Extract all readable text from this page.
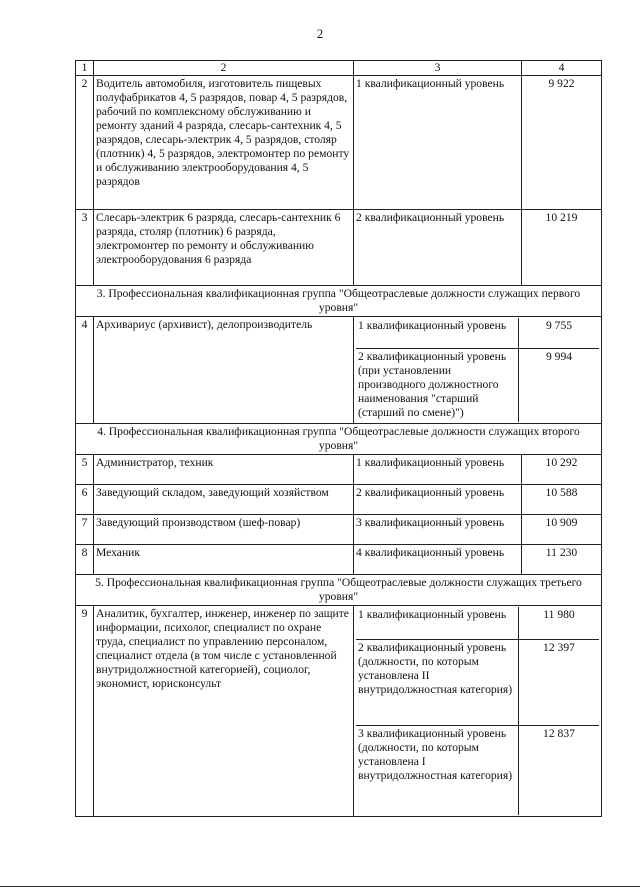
2
1	2	3	4
2	Водитель автомобиля, изготовитель пищевых полуфабрикатов 4, 5 разрядов, повар 4, 5 разрядов, рабочий по комплексному обслуживанию и ремонту зданий 4 разряда, слесарь-сантехник 4, 5 разрядов, слесарь-электрик 4, 5 разрядов, столяр (плотник) 4, 5 разрядов, электромонтер по ремонту и обслуживанию электрооборудования 4, 5 разрядов	1 квалификационный уровень	9 922
3	Слесарь-электрик 6 разряда, слесарь-сантехник 6 разряда, столяр (плотник) 6 разряда, электромонтер по ремонту и обслуживанию электрооборудования 6 разряда	2 квалификационный уровень	10 219
3. Профессиональная квалификационная группа "Общеотраслевые должности служащих первого уровня"
4	Архивариус (архивист), делопроизводитель		1 квалификационный уровень	9 755
2 квалификационный уровень (при установлении производного должностного наименования "старший (старший по смене)")	9 994

4. Профессиональная квалификационная группа "Общеотраслевые должности служащих второго уровня"
5	Администратор, техник	1 квалификационный уровень	10 292
6	Заведующий складом, заведующий хозяйством	2 квалификационный уровень	10 588
7	Заведующий производством (шеф-повар)	3 квалификационный уровень	10 909
8	Механик	4 квалификационный уровень	11 230
5. Профессиональная квалификационная группа "Общеотраслевые должности служащих третьего уровня"
9	Аналитик, бухгалтер, инженер, инженер по защите информации, психолог, специалист по охране труда, специалист по управлению персоналом, специалист отдела (в том числе с установленной внутридолжностной категорией), социолог, экономист, юрисконсульт	
1 квалификационный уровень	11 980
2 квалификационный уровень (должности, по которым установлена II внутридолжностная категория)	12 397
3 квалификационный уровень (должности, по которым установлена I внутридолжностная категория)	12 837
